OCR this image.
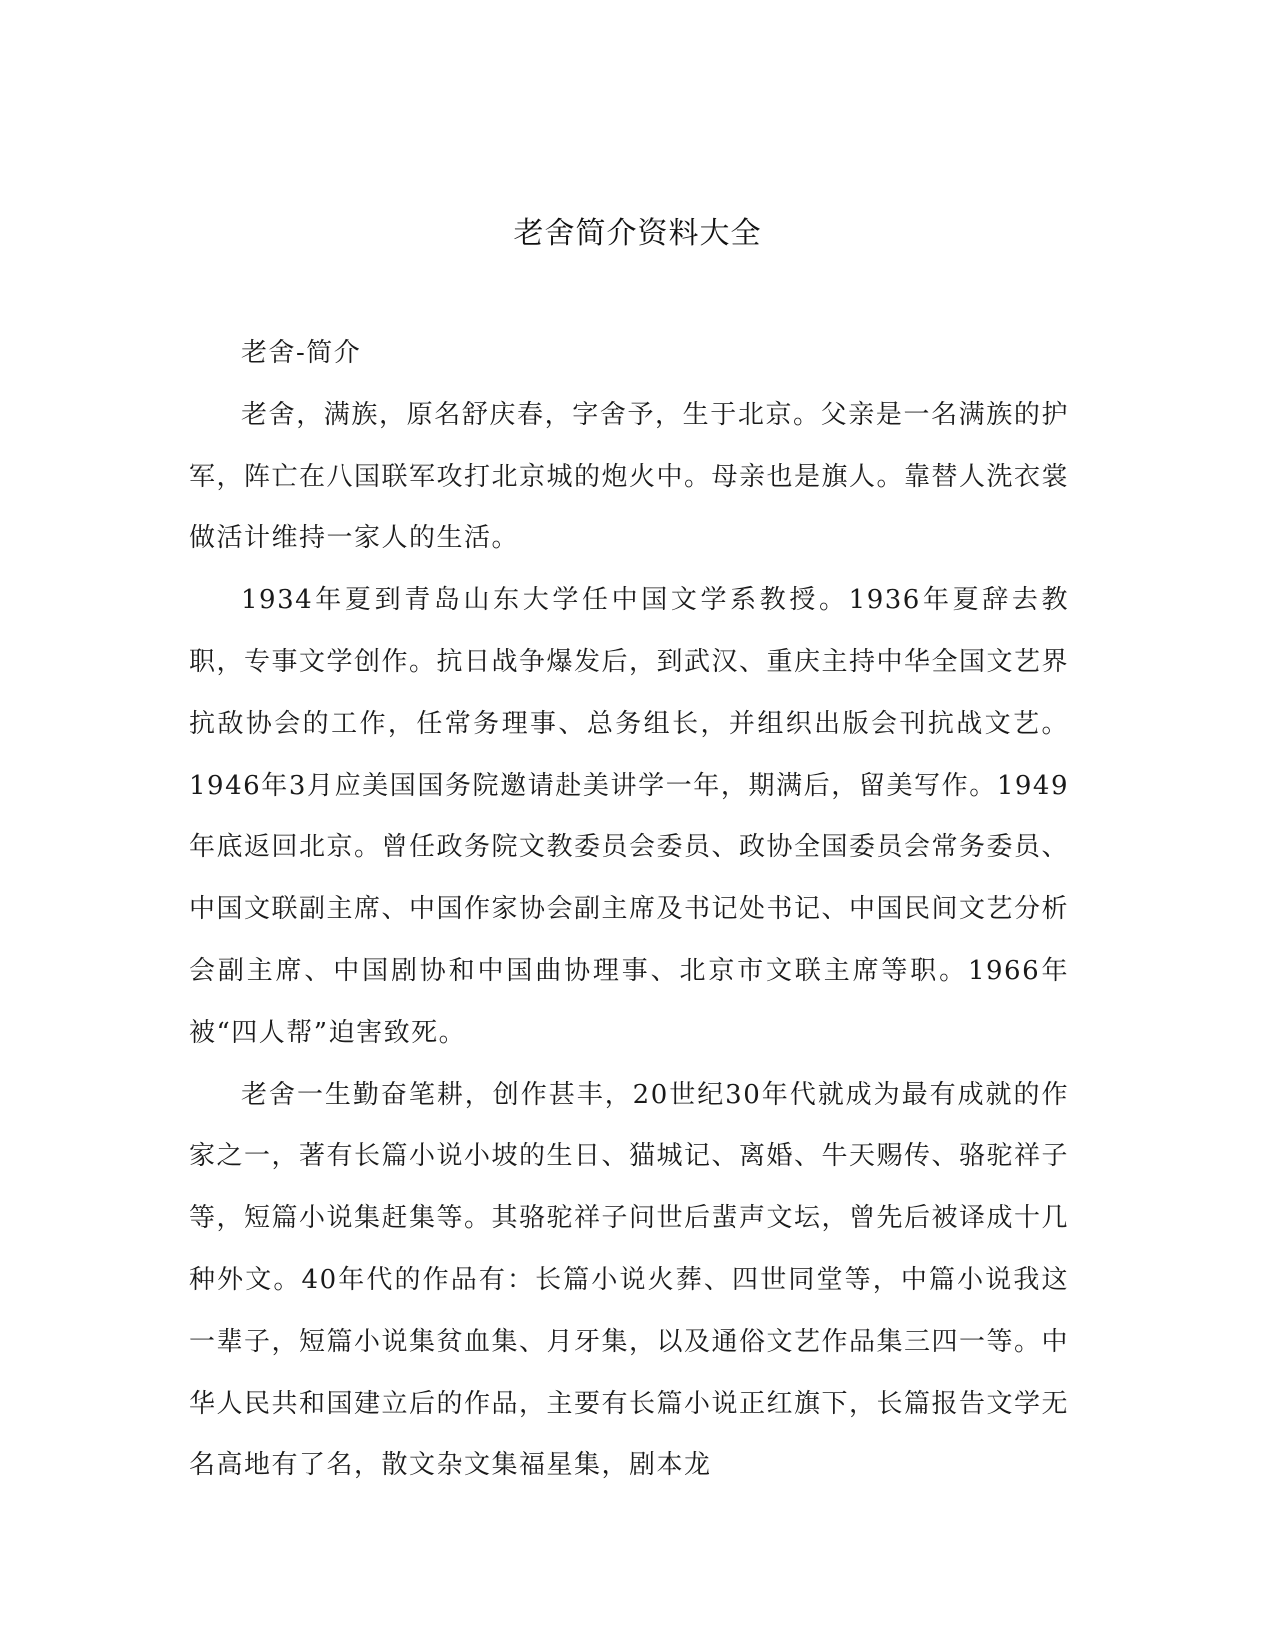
老舍简介资料大全

老舍-简介

老舍，满族，原名舒庆春，字舍予，生于北京。父亲是一名满族的护军，阵亡在八国联军攻打北京城的炮火中。母亲也是旗人。靠替人洗衣裳做活计维持一家人的生活。

1934年夏到青岛山东大学任中国文学系教授。1936年夏辞去教职，专事文学创作。抗日战争爆发后，到武汉、重庆主持中华全国文艺界抗敌协会的工作，任常务理事、总务组长，并组织出版会刊抗战文艺。1946年3月应美国国务院邀请赴美讲学一年，期满后，留美写作。1949年底返回北京。曾任政务院文教委员会委员、政协全国委员会常务委员、中国文联副主席、中国作家协会副主席及书记处书记、中国民间文艺分析会副主席、中国剧协和中国曲协理事、北京市文联主席等职。1966年被“四人帮”迫害致死。

老舍一生勤奋笔耕，创作甚丰，20世纪30年代就成为最有成就的作家之一，著有长篇小说小坡的生日、猫城记、离婚、牛天赐传、骆驼祥子等，短篇小说集赶集等。其骆驼祥子问世后蜚声文坛，曾先后被译成十几种外文。40年代的作品有：长篇小说火葬、四世同堂等，中篇小说我这一辈子，短篇小说集贫血集、月牙集，以及通俗文艺作品集三四一等。中华人民共和国建立后的作品，主要有长篇小说正红旗下，长篇报告文学无名高地有了名，散文杂文集福星集，剧本龙
